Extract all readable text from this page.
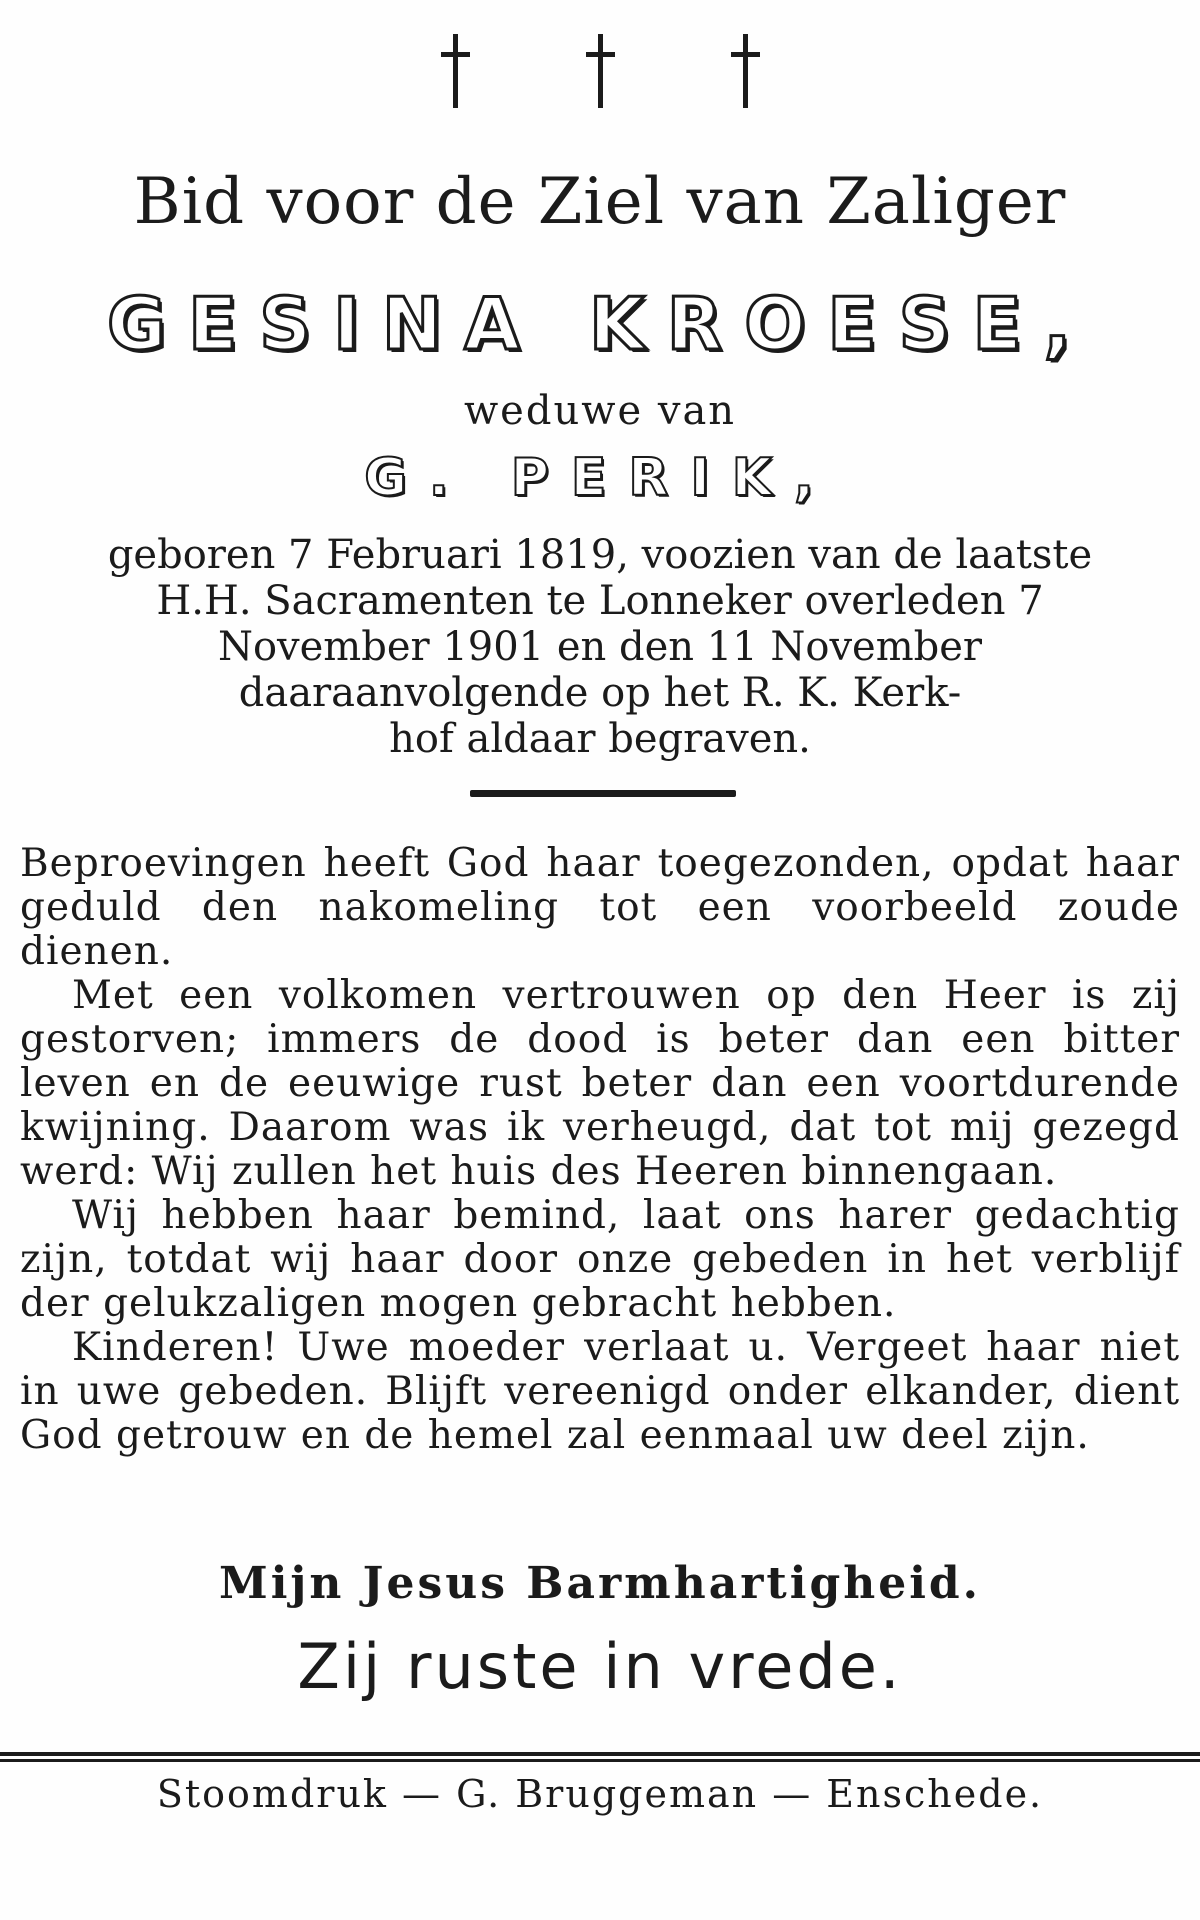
Bid voor de Ziel van Zaliger
GESINA KROESE,
weduwe van
G. PERIK,
geboren 7 Februari 1819, voozien van de laatste
H.H. Sacramenten te Lonneker overleden 7
November 1901 en den 11 November
daaraanvolgende op het R. K. Kerk-
hof aldaar begraven.

Beproevingen heeft God haar toegezonden, opdat haar geduld den nakomeling tot een voorbeeld zoude dienen.

Met een volkomen vertrouwen op den Heer is zij gestorven; immers de dood is beter dan een bitter leven en de eeuwige rust beter dan een voortdurende kwijning. Daarom was ik verheugd, dat tot mij gezegd werd: Wij zullen het huis des Heeren binnengaan.

Wij hebben haar bemind, laat ons harer gedachtig zijn, totdat wij haar door onze gebeden in het verblijf der gelukzaligen mogen gebracht hebben.

Kinderen! Uwe moeder verlaat u. Vergeet haar niet in uwe gebeden. Blijft vereenigd onder elkander, dient God getrouw en de hemel zal eenmaal uw deel zijn.

Mijn Jesus Barmhartigheid.
Zij ruste in vrede.
Stoomdruk — G. Bruggeman — Enschede.
